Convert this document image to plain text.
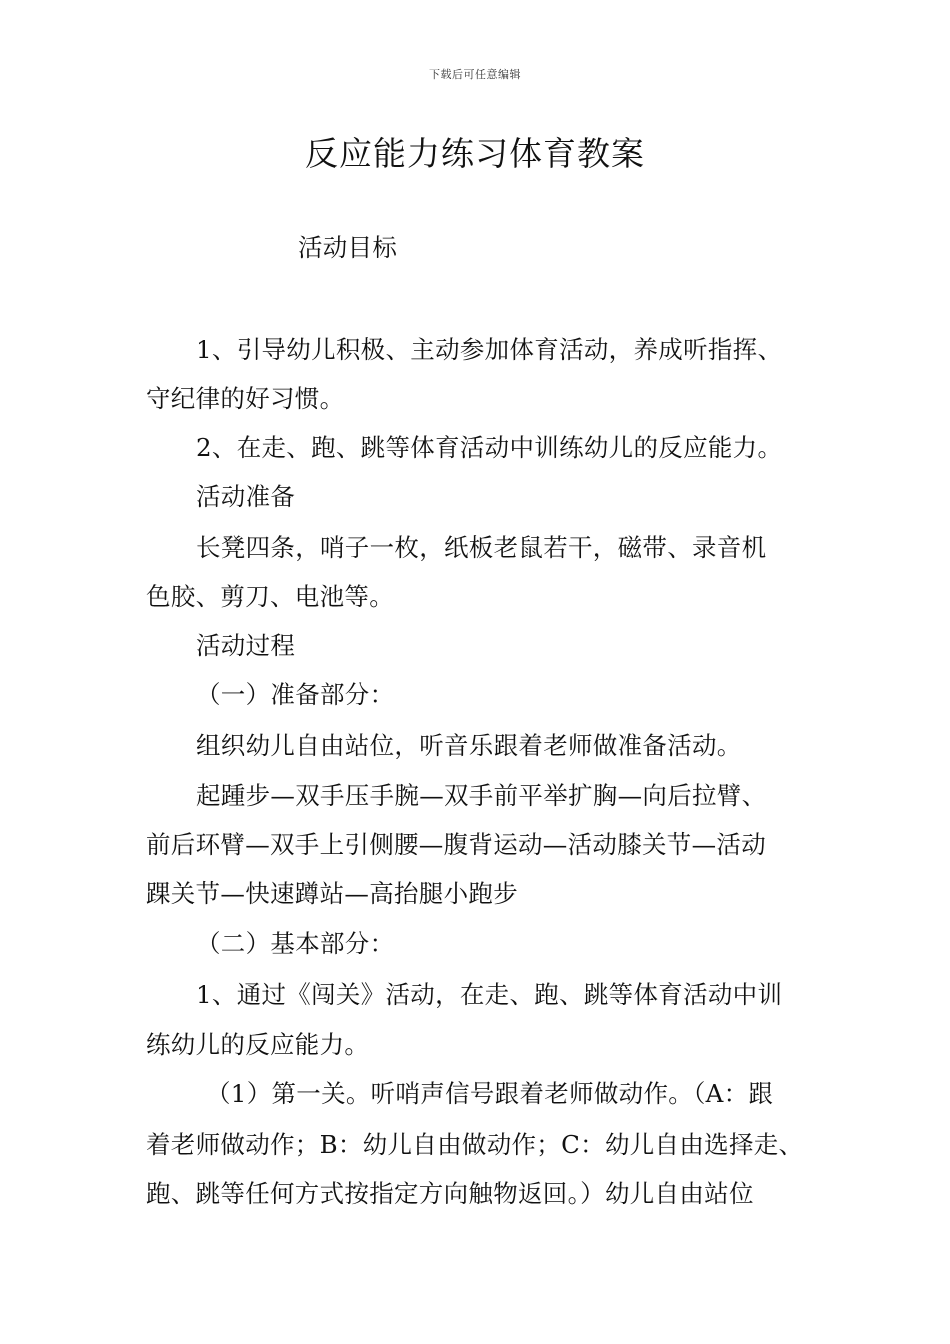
下载后可任意编辑
反应能力练习体育教案
活动目标
1、引导幼儿积极、主动参加体育活动，养成听指挥、
守纪律的好习惯。
2、在走、跑、跳等体育活动中训练幼儿的反应能力。
活动准备
长凳四条，哨子一枚，纸板老鼠若干，磁带、录音机
色胶、剪刀、电池等。
活动过程
（一）准备部分：
组织幼儿自由站位，听音乐跟着老师做准备活动。
起踵步—双手压手腕—双手前平举扩胸—向后拉臂、
前后环臂—双手上引侧腰—腹背运动—活动膝关节—活动
踝关节—快速蹲站—高抬腿小跑步
（二）基本部分：
1、通过《闯关》活动，在走、跑、跳等体育活动中训
练幼儿的反应能力。
（1）第一关。听哨声信号跟着老师做动作。（A：跟
着老师做动作；B：幼儿自由做动作；C：幼儿自由选择走、
跑、跳等任何方式按指定方向触物返回。）幼儿自由站位
